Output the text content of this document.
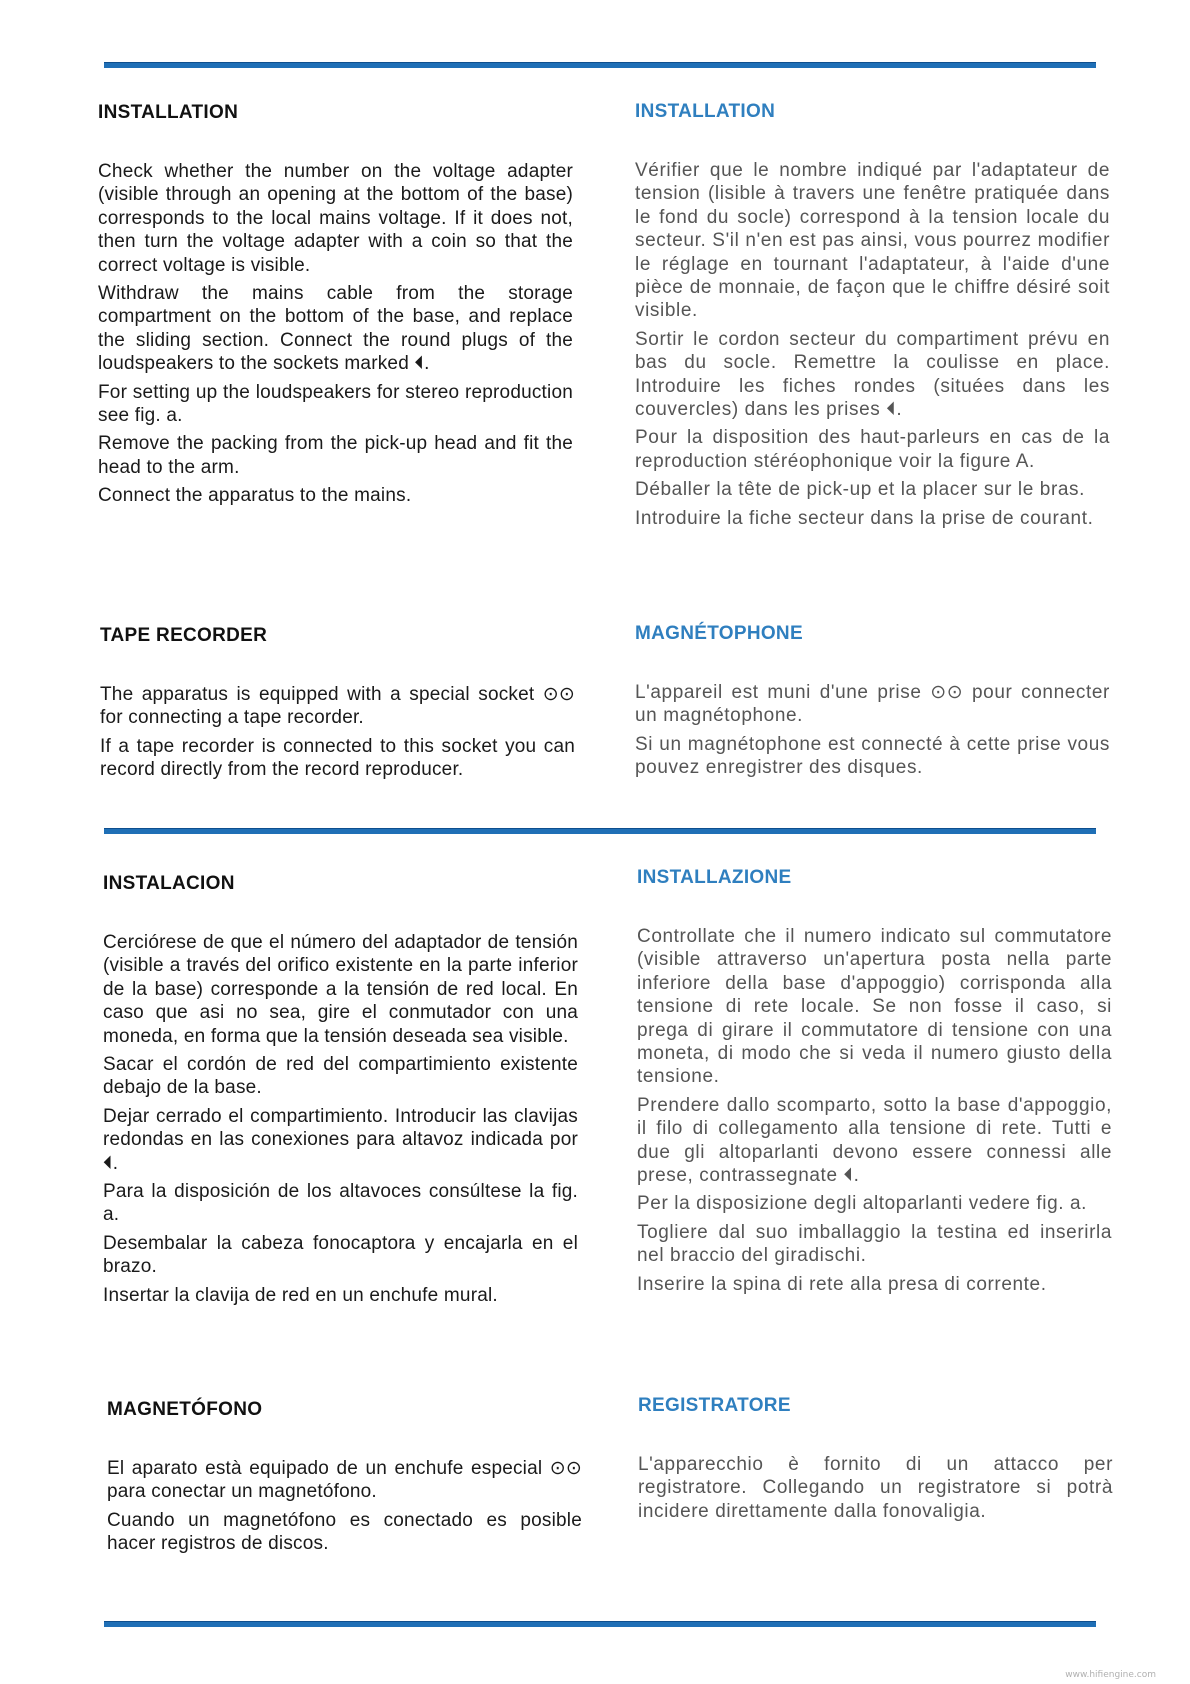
INSTALLATION

Check whether the number on the voltage adapter (visible through an opening at the bottom of the base) corresponds to the local mains voltage. If it does not, then turn the voltage adapter with a coin so that the correct voltage is visible.

Withdraw the mains cable from the storage compartment on the bottom of the base, and replace the sliding section. Connect the round plugs of the loudspeakers to the sockets marked ⏴.

For setting up the loudspeakers for stereo reproduction see fig. a.

Remove the packing from the pick-up head and fit the head to the arm.

Connect the apparatus to the mains.

INSTALLATION

Vérifier que le nombre indiqué par l'adaptateur de tension (lisible à travers une fenêtre pratiquée dans le fond du socle) correspond à la tension locale du secteur. S'il n'en est pas ainsi, vous pourrez modifier le réglage en tournant l'adaptateur, à l'aide d'une pièce de monnaie, de façon que le chiffre désiré soit visible.

Sortir le cordon secteur du compartiment prévu en bas du socle. Remettre la coulisse en place. Introduire les fiches rondes (situées dans les couvercles) dans les prises ⏴.

Pour la disposition des haut-parleurs en cas de la reproduction stéréophonique voir la figure A.

Déballer la tête de pick-up et la placer sur le bras.

Introduire la fiche secteur dans la prise de courant.

TAPE RECORDER

The apparatus is equipped with a special socket ⊙⊙ for connecting a tape recorder.

If a tape recorder is connected to this socket you can record directly from the record reproducer.

MAGNÉTOPHONE

L'appareil est muni d'une prise ⊙⊙ pour connecter un magnétophone.

Si un magnétophone est connecté à cette prise vous pouvez enregistrer des disques.

INSTALACION

Cerciórese de que el número del adaptador de tensión (visible a través del orifico existente en la parte inferior de la base) corresponde a la tensión de red local. En caso que asi no sea, gire el conmutador con una moneda, en forma que la tensión deseada sea visible.

Sacar el cordón de red del compartimiento existente debajo de la base.

Dejar cerrado el compartimiento. Introducir las clavijas redondas en las conexiones para altavoz indicada por ⏴.

Para la disposición de los altavoces consúltese la fig. a.

Desembalar la cabeza fonocaptora y encajarla en el brazo.

Insertar la clavija de red en un enchufe mural.

INSTALLAZIONE

Controllate che il numero indicato sul commutatore (visible attraverso un'apertura posta nella parte inferiore della base d'appoggio) corrisponda alla tensione di rete locale. Se non fosse il caso, si prega di girare il commutatore di tensione con una moneta, di modo che si veda il numero giusto della tensione.

Prendere dallo scomparto, sotto la base d'appoggio, il filo di collegamento alla tensione di rete. Tutti e due gli altoparlanti devono essere connessi alle prese, contrassegnate ⏴.

Per la disposizione degli altoparlanti vedere fig. a.

Togliere dal suo imballaggio la testina ed inserirla nel braccio del giradischi.

Inserire la spina di rete alla presa di corrente.

MAGNETÓFONO

El aparato està equipado de un enchufe especial ⊙⊙ para conectar un magnetófono.

Cuando un magnetófono es conectado es posible hacer registros de discos.

REGISTRATORE

L'apparecchio è fornito di un attacco per registratore. Collegando un registratore si potrà incidere direttamente dalla fonovaligia.

www.hifiengine.com
